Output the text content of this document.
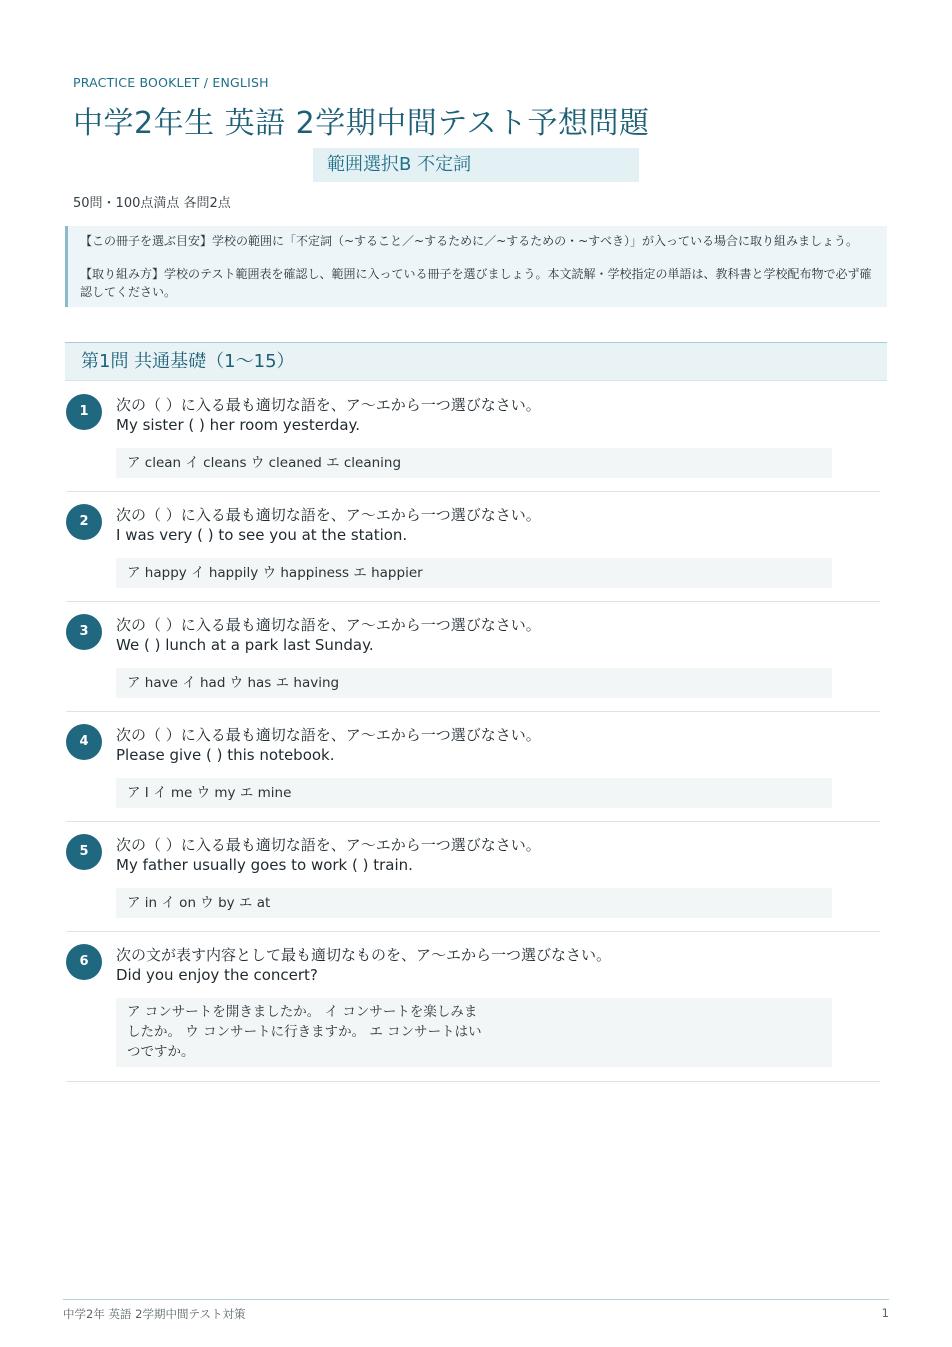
PRACTICE BOOKLET / ENGLISH
中学2年生 英語 2学期中間テスト予想問題
範囲選択B 不定詞
50問・100点満点 各問2点
【この冊子を選ぶ目安】学校の範囲に「不定詞（~すること／~するために／~するための・~すべき）」が入っている場合に取り組みましょう。
【取り組み方】学校のテスト範囲表を確認し、範囲に入っている冊子を選びましょう。本文読解・学校指定の単語は、教科書と学校配布物で必ず確認してください。
第1問 共通基礎（1〜15）
1	次の（ ）に入る最も適切な語を、ア〜エから一つ選びなさい。
My sister ( ) her room yesterday.
ア clean イ cleans ウ cleaned エ cleaning
2	次の（ ）に入る最も適切な語を、ア〜エから一つ選びなさい。
I was very ( ) to see you at the station.
ア happy イ happily ウ happiness エ happier
3	次の（ ）に入る最も適切な語を、ア〜エから一つ選びなさい。
We ( ) lunch at a park last Sunday.
ア have イ had ウ has エ having
4	次の（ ）に入る最も適切な語を、ア〜エから一つ選びなさい。
Please give ( ) this notebook.
ア I イ me ウ my エ mine
5	次の（ ）に入る最も適切な語を、ア〜エから一つ選びなさい。
My father usually goes to work ( ) train.
ア in イ on ウ by エ at
6	次の文が表す内容として最も適切なものを、ア〜エから一つ選びなさい。
Did you enjoy the concert?
ア コンサートを開きましたか。 イ コンサートを楽しみましたか。 ウ コンサートに行きますか。 エ コンサートはいつですか。
中学2年 英語 2学期中間テスト対策	1
